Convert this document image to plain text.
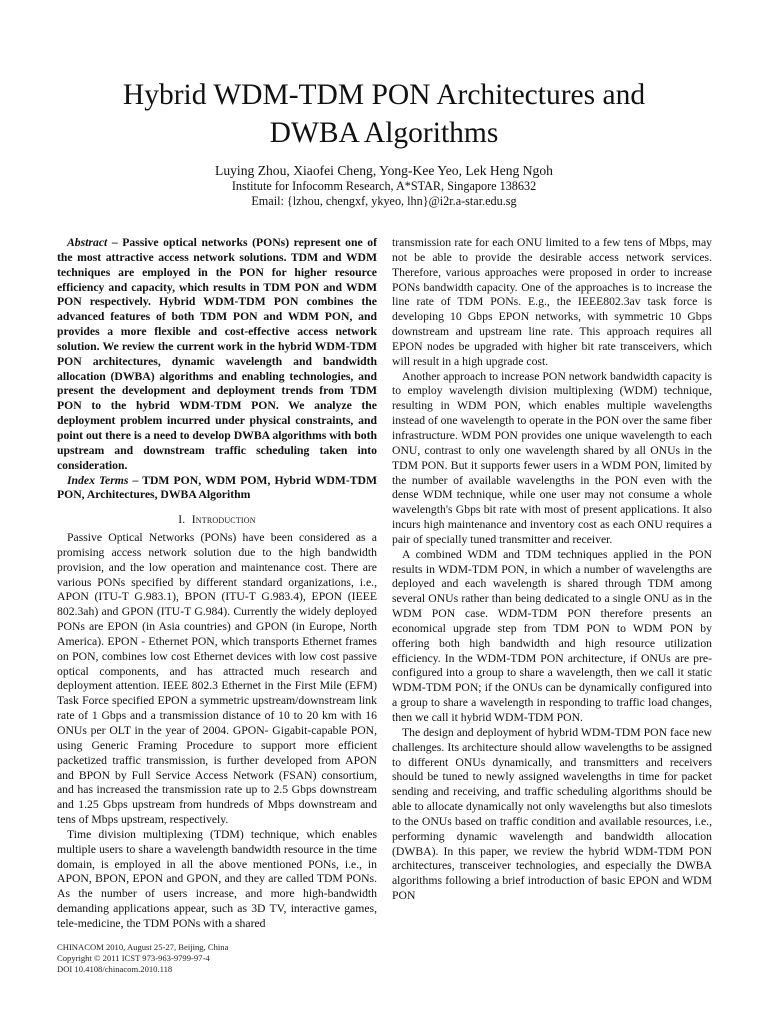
Hybrid WDM-TDM PON Architectures and
DWBA Algorithms
Luying Zhou, Xiaofei Cheng, Yong-Kee Yeo, Lek Heng Ngoh
Institute for Infocomm Research, A*STAR, Singapore 138632
Email: {lzhou, chengxf, ykyeo, lhn}@i2r.a-star.edu.sg

Abstract – Passive optical networks (PONs) represent one of the most attractive access network solutions. TDM and WDM techniques are employed in the PON for higher resource efficiency and capacity, which results in TDM PON and WDM PON respectively. Hybrid WDM-TDM PON combines the advanced features of both TDM PON and WDM PON, and provides a more flexible and cost-effective access network solution. We review the current work in the hybrid WDM-TDM PON architectures, dynamic wavelength and bandwidth allocation (DWBA) algorithms and enabling technologies, and present the development and deployment trends from TDM PON to the hybrid WDM-TDM PON. We analyze the deployment problem incurred under physical constraints, and point out there is a need to develop DWBA algorithms with both upstream and downstream traffic scheduling taken into consideration.

Index Terms – TDM PON, WDM POM, Hybrid WDM-TDM PON, Architectures, DWBA Algorithm

I. Introduction

Passive Optical Networks (PONs) have been considered as a promising access network solution due to the high bandwidth provision, and the low operation and maintenance cost. There are various PONs specified by different standard organizations, i.e., APON (ITU-T G.983.1), BPON (ITU-T G.983.4), EPON (IEEE 802.3ah) and GPON (ITU-T G.984). Currently the widely deployed PONs are EPON (in Asia countries) and GPON (in Europe, North America). EPON - Ethernet PON, which transports Ethernet frames on PON, combines low cost Ethernet devices with low cost passive optical components, and has attracted much research and deployment attention. IEEE 802.3 Ethernet in the First Mile (EFM) Task Force specified EPON a symmetric upstream/downstream link rate of 1 Gbps and a transmission distance of 10 to 20 km with 16 ONUs per OLT in the year of 2004. GPON- Gigabit-capable PON, using Generic Framing Procedure to support more efficient packetized traffic transmission, is further developed from APON and BPON by Full Service Access Network (FSAN) consortium, and has increased the transmission rate up to 2.5 Gbps downstream and 1.25 Gbps upstream from hundreds of Mbps downstream and tens of Mbps upstream, respectively.

Time division multiplexing (TDM) technique, which enables multiple users to share a wavelength bandwidth resource in the time domain, is employed in all the above mentioned PONs, i.e., in APON, BPON, EPON and GPON, and they are called TDM PONs. As the number of users increase, and more high-bandwidth demanding applications appear, such as 3D TV, interactive games, tele-medicine, the TDM PONs with a shared

transmission rate for each ONU limited to a few tens of Mbps, may not be able to provide the desirable access network services. Therefore, various approaches were proposed in order to increase PONs bandwidth capacity. One of the approaches is to increase the line rate of TDM PONs. E.g., the IEEE802.3av task force is developing 10 Gbps EPON networks, with symmetric 10 Gbps downstream and upstream line rate. This approach requires all EPON nodes be upgraded with higher bit rate transceivers, which will result in a high upgrade cost.

Another approach to increase PON network bandwidth capacity is to employ wavelength division multiplexing (WDM) technique, resulting in WDM PON, which enables multiple wavelengths instead of one wavelength to operate in the PON over the same fiber infrastructure. WDM PON provides one unique wavelength to each ONU, contrast to only one wavelength shared by all ONUs in the TDM PON. But it supports fewer users in a WDM PON, limited by the number of available wavelengths in the PON even with the dense WDM technique, while one user may not consume a whole wavelength's Gbps bit rate with most of present applications. It also incurs high maintenance and inventory cost as each ONU requires a pair of specially tuned transmitter and receiver.

A combined WDM and TDM techniques applied in the PON results in WDM-TDM PON, in which a number of wavelengths are deployed and each wavelength is shared through TDM among several ONUs rather than being dedicated to a single ONU as in the WDM PON case. WDM-TDM PON therefore presents an economical upgrade step from TDM PON to WDM PON by offering both high bandwidth and high resource utilization efficiency. In the WDM-TDM PON architecture, if ONUs are pre-configured into a group to share a wavelength, then we call it static WDM-TDM PON; if the ONUs can be dynamically configured into a group to share a wavelength in responding to traffic load changes, then we call it hybrid WDM-TDM PON.

The design and deployment of hybrid WDM-TDM PON face new challenges. Its architecture should allow wavelengths to be assigned to different ONUs dynamically, and transmitters and receivers should be tuned to newly assigned wavelengths in time for packet sending and receiving, and traffic scheduling algorithms should be able to allocate dynamically not only wavelengths but also timeslots to the ONUs based on traffic condition and available resources, i.e., performing dynamic wavelength and bandwidth allocation (DWBA). In this paper, we review the hybrid WDM-TDM PON architectures, transceiver technologies, and especially the DWBA algorithms following a brief introduction of basic EPON and WDM PON

CHINACOM 2010, August 25-27, Beijing, China
Copyright © 2011 ICST 973-963-9799-97-4
DOI 10.4108/chinacom.2010.118
